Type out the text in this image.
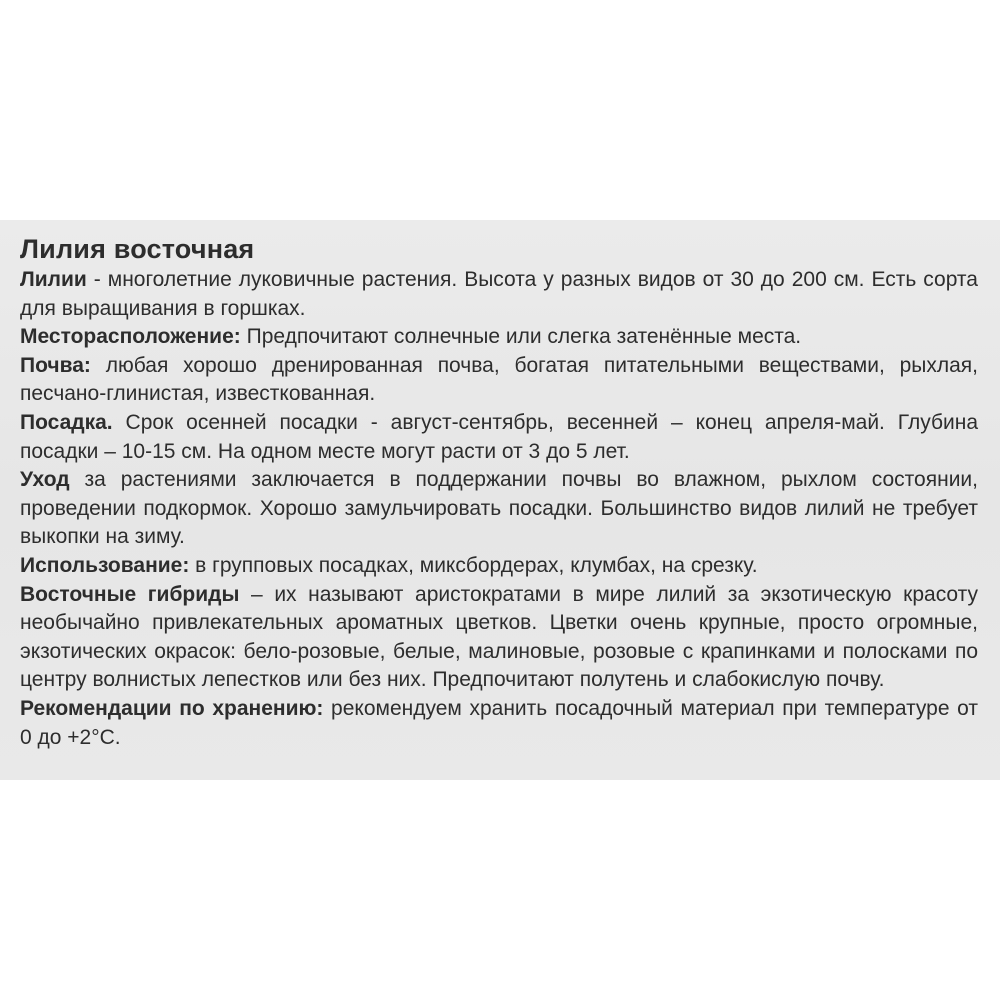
Лилия восточная

Лилии - многолетние луковичные растения. Высота у разных видов от 30 до 200 см. Есть сорта для выращивания в горшках.

Месторасположение: Предпочитают солнечные или слегка затенённые места.

Почва: любая хорошо дренированная почва, богатая питательными веществами, рыхлая, песчано-глинистая, известкованная.

Посадка. Срок осенней посадки - август-сентябрь, весенней – конец апреля-май. Глубина посадки – 10-15 см. На одном месте могут расти от 3 до 5 лет.

Уход за растениями заключается в поддержании почвы во влажном, рыхлом состоянии, проведении подкормок. Хорошо замульчировать посадки. Большинство видов лилий не требует выкопки на зиму.

Использование: в групповых посадках, миксбордерах, клумбах, на срезку.

Восточные гибриды – их называют аристократами в мире лилий за экзотическую красоту необычайно привлекательных ароматных цветков. Цветки очень крупные, просто огромные, экзотических окрасок: бело-розовые, белые, малиновые, розовые с крапинками и полосками по центру волнистых лепестков или без них. Предпочитают полутень и слабокислую почву.

Рекомендации по хранению: рекомендуем хранить посадочный материал при температуре от 0 до +2°С.
